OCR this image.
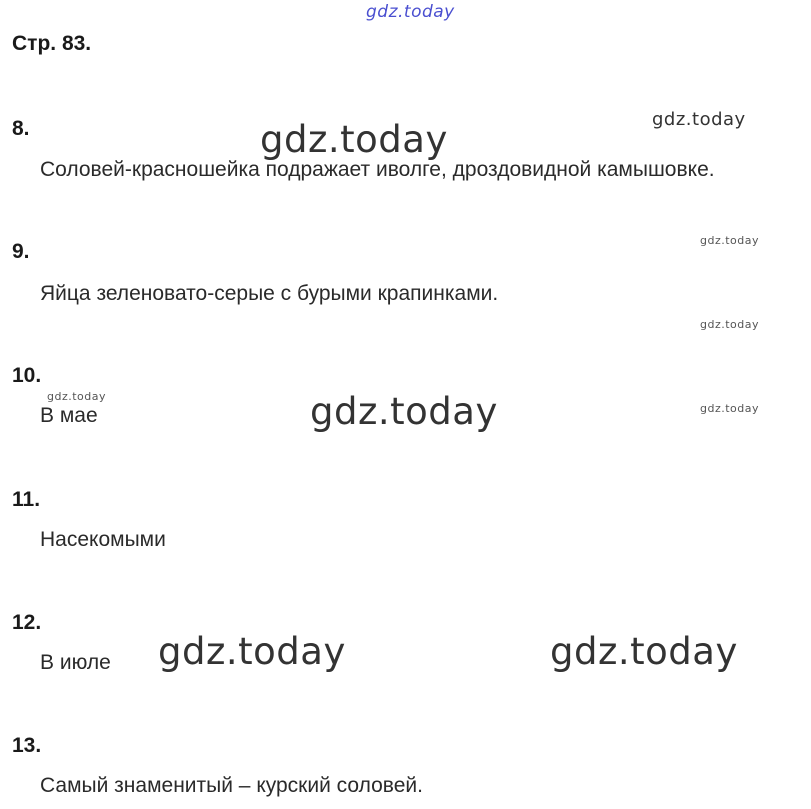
gdz.today
Стр. 83.
8.
Соловей-красношейка подражает иволге, дроздовидной камышовке.
9.
Яйца зеленовато-серые с бурыми крапинками.
10.
В мае
11.
Насекомыми
12.
В июле
13.
Самый знаменитый – курский соловей.
gdz.today	gdz.today
gdz.today
gdz.today
gdz.today
gdz.today	gdz.today
gdz.today	gdz.today
